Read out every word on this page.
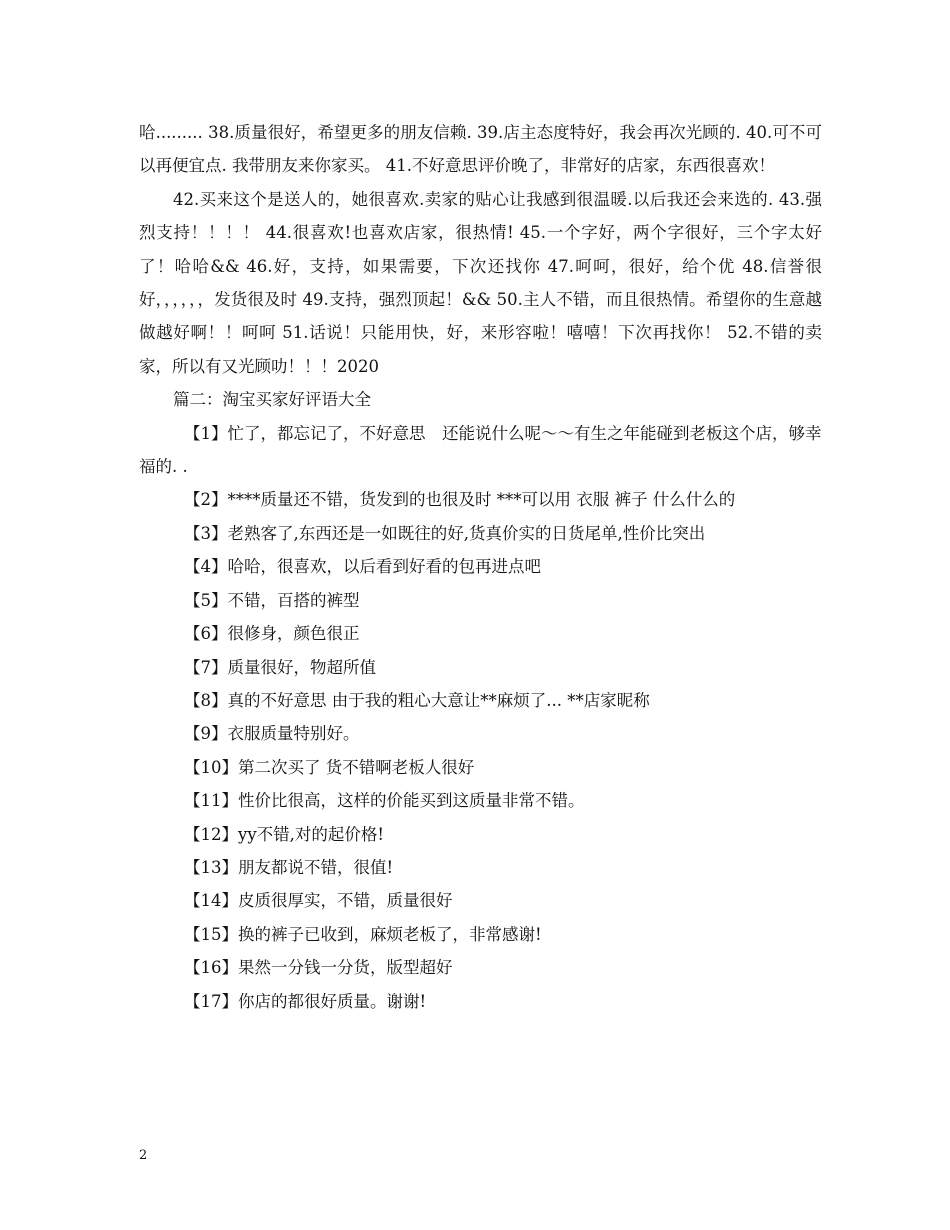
哈......... 38.质量很好，希望更多的朋友信赖. 39.店主态度特好，我会再次光顾的. 40.可不可以再便宜点. 我带朋友来你家买。 41.不好意思评价晚了，非常好的店家，东西很喜欢！

42.买来这个是送人的，她很喜欢.卖家的贴心让我感到很温暖.以后我还会来选的. 43.强烈支持！！！！ 44.很喜欢!也喜欢店家，很热情! 45.一个字好，两个字很好，三个字太好了！哈哈&& 46.好，支持，如果需要，下次还找你 47.呵呵，很好，给个优 48.信誉很好，，，，，，发货很及时 49.支持，强烈顶起！&& 50.主人不错，而且很热情。希望你的生意越做越好啊！！呵呵 51.话说！只能用快，好，来形容啦！嘻嘻！下次再找你！ 52.不错的卖家，所以有又光顾叻！！！2020

篇二：淘宝买家好评语大全

【1】忙了，都忘记了，不好意思　还能说什么呢～～有生之年能碰到老板这个店，够幸福的. .

【2】****质量还不错，货发到的也很及时 ***可以用 衣服 裤子 什么什么的

【3】老熟客了,东西还是一如既往的好,货真价实的日货尾单,性价比突出

【4】哈哈，很喜欢，以后看到好看的包再进点吧

【5】不错，百搭的裤型

【6】很修身，颜色很正

【7】质量很好，物超所值

【8】真的不好意思 由于我的粗心大意让**麻烦了... **店家昵称

【9】衣服质量特别好。

【10】第二次买了 货不错啊老板人很好

【11】性价比很高，这样的价能买到这质量非常不错。

【12】yy不错,对的起价格!

【13】朋友都说不错，很值!

【14】皮质很厚实，不错，质量很好

【15】换的裤子已收到，麻烦老板了，非常感谢!

【16】果然一分钱一分货，版型超好

【17】你店的都很好质量。谢谢!

2
